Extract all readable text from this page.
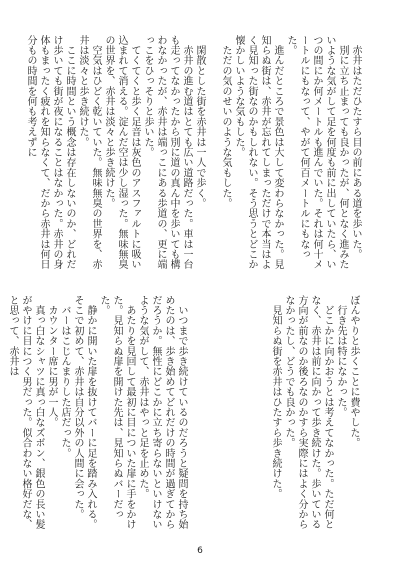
　赤井はただひたすら目の前にある道を歩いた。

　別に立ち止まっても良かったが、何となく進みたいような気がして足を何度も前に出していたら、いつの間にか何メートルも進んでいた。それは何十メートルにもなって、やがて何百メートルにもなった。

　進んだところで景色は大して変わらなかった。見知らぬ街は、赤井が忘れてしまっただけで本当はよく見知った街なのかもしれない。そう思うとどこか懐かしいような気もした。

　ただの気のせいのような気もした。

　閑散とした街を赤井は一人で歩く。

　赤井の進む道はとても広い道路だった。車は一台も走ってなかったから別に道の真ん中を歩いても構わなかったが、赤井は端っこにある歩道の、更に端っこをひっそりと歩いた。

　てくてくと歩く足音は灰色のアスファルトに吸い込まれて消える。淀んだ空は少し湿った。無味無臭の世界を、赤井は淡々と歩き続けた。

　空気はひどく乾いていた。無味無臭の世界を、赤井は淡々と歩き続けた。

　ここに時間という概念は存在しないのか、どれだけ歩いても街が夜になることはなかった。赤井の身体もまったく疲れを知らなくて、だから赤井は何日分もの時間を何も考えずに

ぼんやりと歩くことに費やした。

　行き先は特になかった。

　どこかに向かおうとは考えてなかった。ただ何となく、赤井は前に向かって歩き続けた。歩いている方向が前なのか後ろなのかすら実際にはよく分からなかったし、どうでも良かった。

　見知らぬ街を赤井はひたすら歩き続けた。

　いつまで歩き続けているのだろうと疑問を持ち始めたのは、歩き始めてどれだけの時間が過ぎてからだろうか。無性にどこかに立ち寄らないといけないような気がして、赤井はやっと足を止めた。

　あたりを見回して最初に目についた扉に手をかけた。見知らぬ扉を開けた先は、見知らぬバーだった。

　静かに開いた扉を抜けてバーに足を踏み入れる。そこで初めて、赤井は自分以外の人間に会った。

　バーはこじんまりした店だった。

　カウンター席に男が一人。

　真っ白なシャツに真っ白なズボン、銀色の長い髪がやけに目につく男だった。似合わない格好だな、と思って、赤井は

6
